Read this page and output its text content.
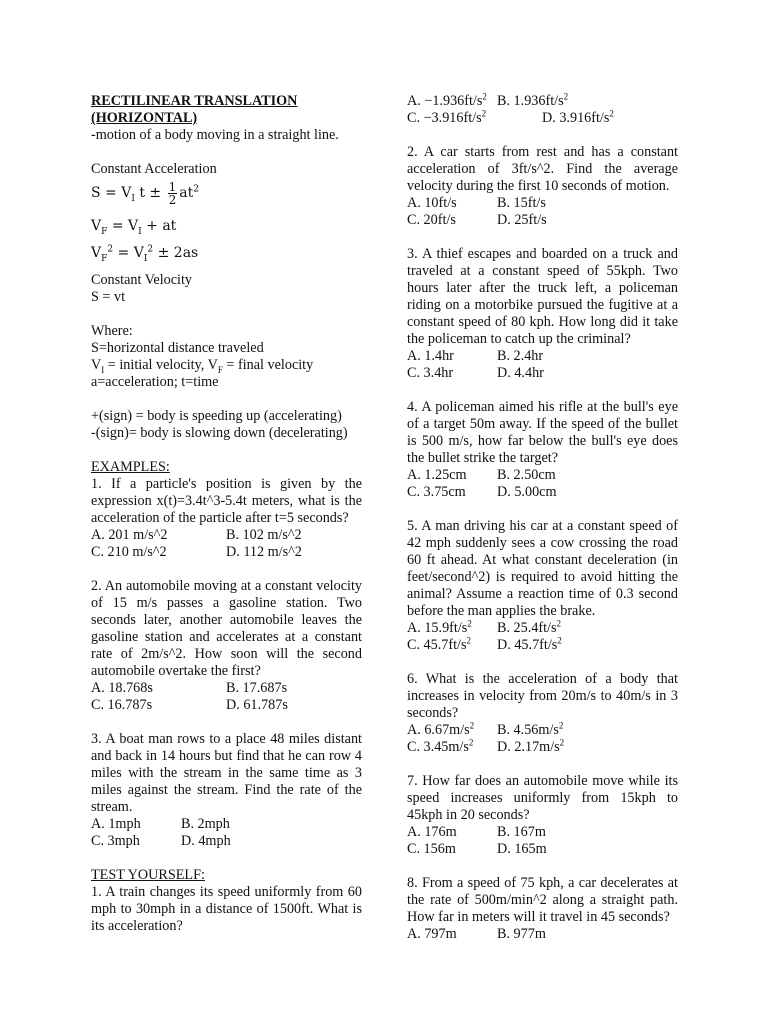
RECTILINEAR TRANSLATION (HORIZONTAL)

-motion of a body moving in a straight line.

Constant Acceleration

$S = V_I$ $t \pm \frac{1}{2} at^2$

$V_F = V_I$ + at

$V_F^2 = V_I^2 \pm 2as$

Constant Velocity

S = vt

Where:

S=horizontal distance traveled

$V_I$ = initial velocity, $V_F$ = final velocity

a=acceleration; t=time

+(sign) = body is speeding up (accelerating)

-(sign)= body is slowing down (decelerating)

EXAMPLES:

1. If a particle's position is given by the expression x(t)=3.4t^3-5.4t meters, what is the acceleration of the particle after t=5 seconds?

A. 201 m/s^2	B. 102 m/s^2
C. 210 m/s^2	D. 112 m/s^2

2. An automobile moving at a constant velocity of 15 m/s passes a gasoline station. Two seconds later, another automobile leaves the gasoline station and accelerates at a constant rate of 2m/s^2. How soon will the second automobile overtake the first?

A. 18.768s	B. 17.687s
C. 16.787s	D. 61.787s

3. A boat man rows to a place 48 miles distant and back in 14 hours but find that he can row 4 miles with the stream in the same time as 3 miles against the stream. Find the rate of the stream.

A. 1mph	B. 2mph
C. 3mph	D. 4mph

TEST YOURSELF:

1. A train changes its speed uniformly from 60 mph to 30mph in a distance of 1500ft. What is its acceleration?

A. $-1.936ft/s^2$ B. $1.936ft/s^2$
C. $-3.916ft/s^2$	D. $3.916ft/s^2$

2. A car starts from rest and has a constant acceleration of 3ft/s^2. Find the average velocity during the first 10 seconds of motion.

A. 10ft/s	B. 15ft/s
C. 20ft/s	D. 25ft/s

3. A thief escapes and boarded on a truck and traveled at a constant speed of 55kph. Two hours later after the truck left, a policeman riding on a motorbike pursued the fugitive at a constant speed of 80 kph. How long did it take the policeman to catch up the criminal?

A. 1.4hr	B. 2.4hr
C. 3.4hr	D. 4.4hr

4. A policeman aimed his rifle at the bull's eye of a target 50m away. If the speed of the bullet is 500 m/s, how far below the bull's eye does the bullet strike the target?

A. 1.25cm	B. 2.50cm
C. 3.75cm	D. 5.00cm

5. A man driving his car at a constant speed of 42 mph suddenly sees a cow crossing the road 60 ft ahead. At what constant deceleration (in feet/second^2) is required to avoid hitting the animal? Assume a reaction time of 0.3 second before the man applies the brake.

A. $15.9ft/s^2$	B. $25.4ft/s^2$
C. $45.7ft/s^2$	D. $45.7ft/s^2$

6. What is the acceleration of a body that increases in velocity from 20m/s to 40m/s in 3 seconds?

A. $6.67m/s^2$	B. $4.56m/s^2$
C. $3.45m/s^2$	D. $2.17m/s^2$

7. How far does an automobile move while its speed increases uniformly from 15kph to 45kph in 20 seconds?

A. 176m	B. 167m
C. 156m	D. 165m

8. From a speed of 75 kph, a car decelerates at the rate of 500m/min^2 along a straight path. How far in meters will it travel in 45 seconds?

A. 797m	B. 977m
